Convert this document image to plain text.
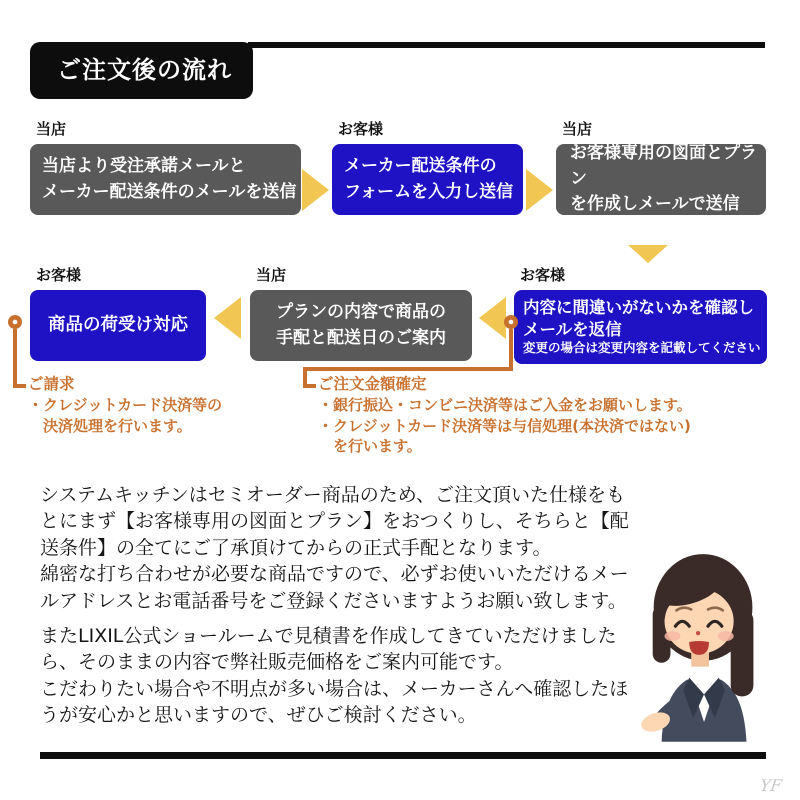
ご注文後の流れ
当店
当店より受注承諾メールと
メーカー配送条件のメールを送信
お客様
メーカー配送条件の
フォームを入力し送信
当店
お客様専用の図面とプラン
を作成しメールで送信
お客様
商品の荷受け対応
当店
プランの内容で商品の
手配と配送日のご案内
お客様
内容に間違いがないかを確認し
メールを返信
変更の場合は変更内容を記載してください
ご請求
・クレジットカード決済等の
決済処理を行います。
ご注文金額確定
・銀行振込・コンビニ決済等はご入金をお願いします。
・クレジットカード決済等は与信処理(本決済ではない)
を行います。

システムキッチンはセミオーダー商品のため、ご注文頂いた仕様をもとにまず【お客様専用の図面とプラン】をおつくりし、そちらと【配送条件】の全てにご了承頂けてからの正式手配となります。

綿密な打ち合わせが必要な商品ですので、必ずお使いいただけるメールアドレスとお電話番号をご登録くださいますようお願い致します。

またLIXIL公式ショールームで見積書を作成してきていただけましたら、そのままの内容で弊社販売価格をご案内可能です。

こだわりたい場合や不明点が多い場合は、メーカーさんへ確認したほうが安心かと思いますので、ぜひご検討ください。

YF
